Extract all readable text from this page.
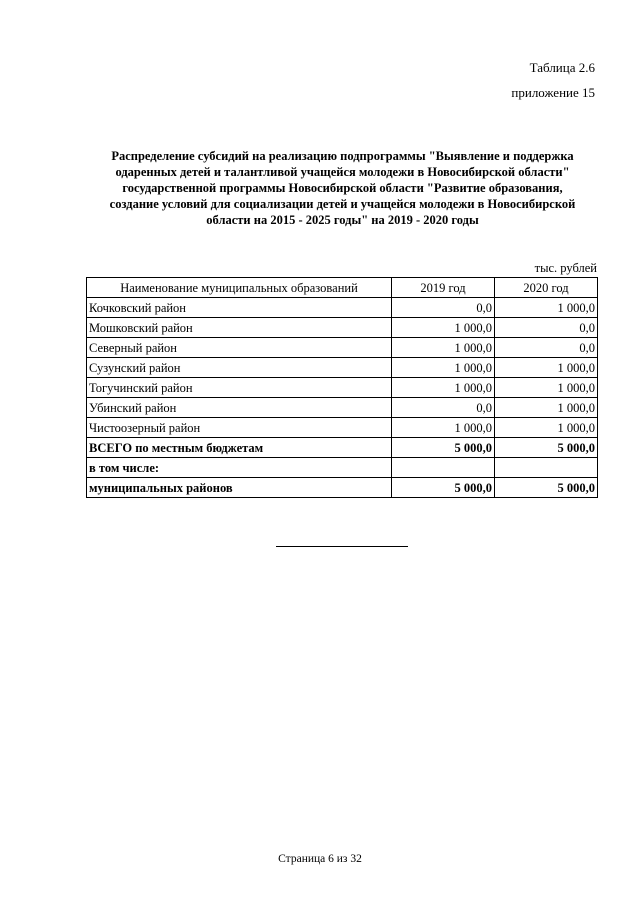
Таблица 2.6
приложение 15
Распределение субсидий на реализацию подпрограммы "Выявление и поддержка
одаренных детей и талантливой учащейся молодежи в Новосибирской области"
государственной программы Новосибирской области "Развитие образования,
создание условий для социализации детей и учащейся молодежи в Новосибирской
области на 2015 - 2025 годы" на 2019 - 2020 годы
тыс. рублей
Наименование муниципальных образований	2019 год	2020 год
Кочковский район	0,0	1 000,0
Мошковский район	1 000,0	0,0
Северный район	1 000,0	0,0
Сузунский район	1 000,0	1 000,0
Тогучинский район	1 000,0	1 000,0
Убинский район	0,0	1 000,0
Чистоозерный район	1 000,0	1 000,0
ВСЕГО по местным бюджетам	5 000,0	5 000,0
в том числе:		
муниципальных районов	5 000,0	5 000,0
Страница 6 из 32
